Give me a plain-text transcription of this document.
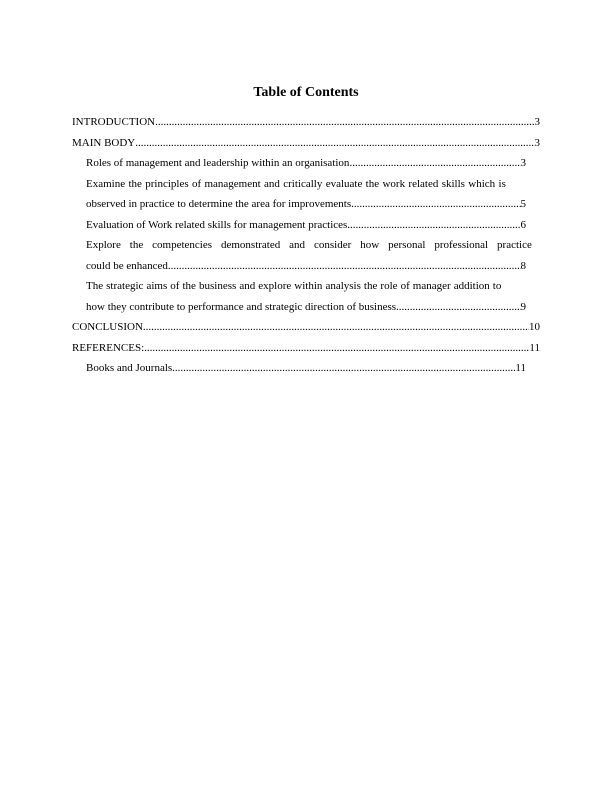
Table of Contents
INTRODUCTION .....	3
MAIN BODY .....	3
Roles of management and leadership within an organisation .....	3
Examine the principles of management and critically evaluate the work related skills which is
observed in practice to determine the area for improvements .....	5
Evaluation of Work related skills for management practices .....	6
Explore the competencies demonstrated and consider how personal professional practice
could be enhanced .....	8
The strategic aims of the business and explore within analysis the role of manager addition to
how they contribute to performance and strategic direction of business .....	9
CONCLUSION .....	10
REFERENCES: .....	11
Books and Journals .....	11
